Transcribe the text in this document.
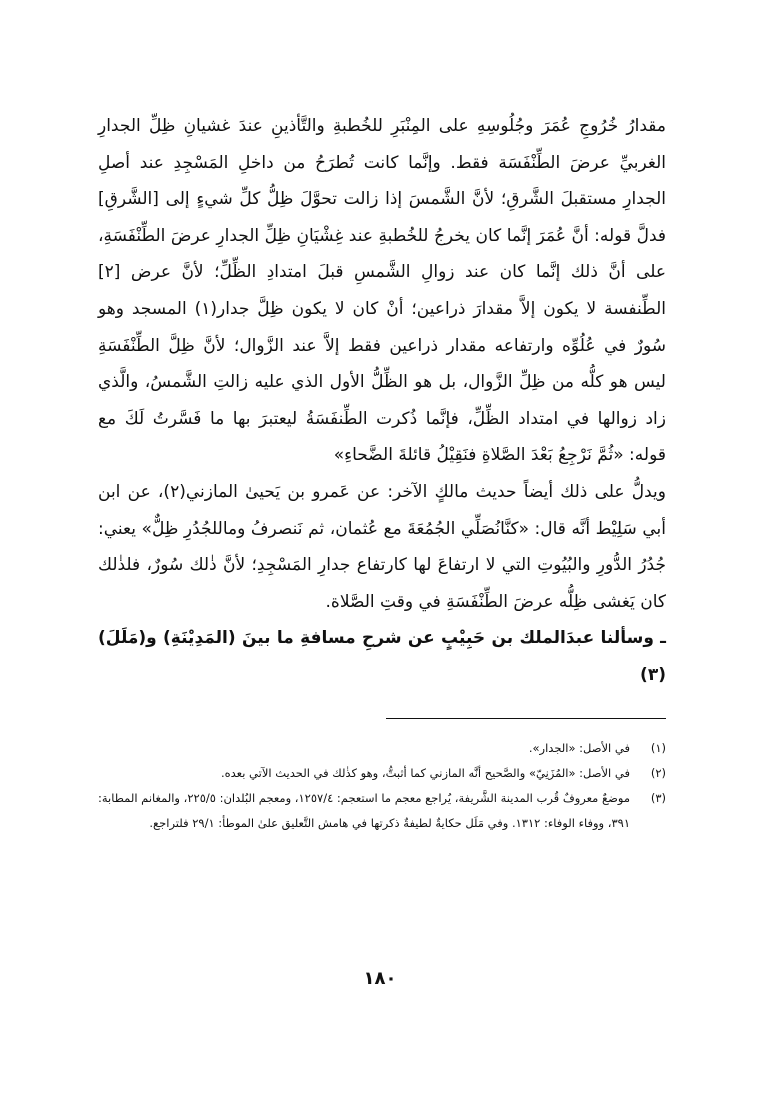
مقدارُ خُرُوجِ عُمَرَ وجُلُوسِهِ على المِنْبَرِ للخُطبةِ والتَّأذينِ عندَ غشيانِ ظِلِّ الجدارِ الغربيِّ عرضَ الطِّنْفَسَة فقط. وإنَّما كانت تُطرَحُ من داخلِ المَسْجِدِ عند أصلِ الجدارِ مستقبلَ الشَّرقِ؛ لأنَّ الشَّمسَ إذا زالت تحوَّلَ ظِلُّ كلِّ شيءٍ إلى [الشَّرقِ] فدلَّ قوله: أنَّ عُمَرَ إنَّما كان يخرجُ للخُطبةِ عند غِشْيَانِ ظِلِّ الجدارِ عرضَ الطِّنْفَسَةِ، على أنَّ ذلك إنَّما كان عند زوالِ الشَّمسِ قبلَ امتدادِ الظِّلِّ؛ لأنَّ عرض [٢] الطِّنفسة لا يكون إلاَّ مقدارَ ذراعين؛ أنْ كان لا يكون ظِلَّ جدار(١) المسجد وهو سُورٌ في عُلُوِّه وارتفاعه مقدار ذراعين فقط إلاَّ عند الزَّوال؛ لأنَّ ظِلَّ الطِّنْفَسَةِ ليس هو كلُّه من ظِلِّ الزَّوال، بل هو الظِّلُّ الأول الذي عليه زالتِ الشَّمسُ، والَّذي زاد زوالها في امتداد الظِّلِّ، فإنَّما ذُكرت الطِّنفَسَةُ ليعتبرَ بها ما فَسَّرتُ لَكَ مع قوله: «ثُمَّ نَرْجِعُ بَعْدَ الصَّلاةِ فنَقِيْلُ قائلةَ الضَّحاءِ»

ويدلُّ على ذلك أيضاً حديث مالكٍ الآخر: عن عَمرو بن يَحيىٰ المازني(٢)، عن ابن أبي سَلِيْط أنَّه قال: «كنَّانُصَلِّي الجُمُعَةَ مع عُثمان، ثم نَنصرفُ وماللجُدُرِ ظِلٌّ» يعني: جُدُرُ الدُّورِ والبُيُوتِ التي لا ارتفاعَ لها كارتفاع جدارِ المَسْجِدِ؛ لأنَّ ذٰلك سُورٌ، فلذٰلك كان يَغشى ظِلُّه عرضَ الطِّنْفَسَةِ في وقتِ الصَّلاة.

ـ وسألنا عبدَالملك بن حَبِيْبٍ عن شرحِ مسافةِ ما بينَ (المَدِيْنَةِ) و(مَلَلَ)(٣)

(١)
في الأصل: «الجدار».
(٢)
في الأصل: «المُزَنِيّ» والصَّحيح أنَّه المازني كما أثبتُّ، وهو كذٰلك في الحديث الآتي بعده.
(٣)
موضعٌ معروفٌ قُرب المدينة الشَّريفة، يُراجع معجم ما استعجم: ١٢٥٧/٤، ومعجم البُلدان: ٢٢٥/٥، والمغانم المطابة: ٣٩١، ووفاء الوفاء: ١٣١٢. وفي مَلَل حكايةٌ لطيفةٌ ذكرتها في هامش التَّعليق علىٰ الموطأ: ٢٩/١ فلتراجع.
١٨٠
